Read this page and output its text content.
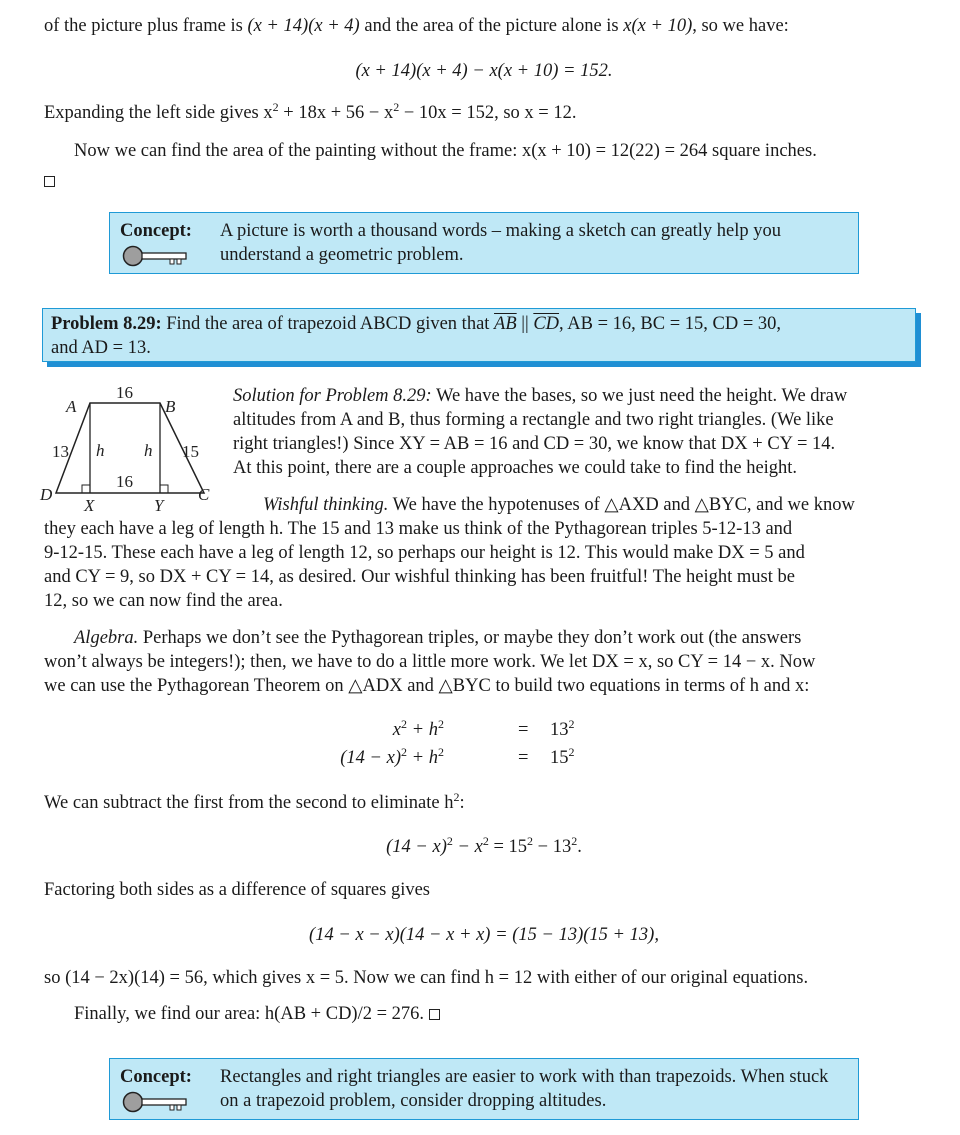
of the picture plus frame is (x + 14)(x + 4) and the area of the picture alone is x(x + 10), so we have:
(x + 14)(x + 4) − x(x + 10) = 152.
Expanding the left side gives $x^2 + 18x + 56 - x^2 - 10x = 152$, so x = 12.
Now we can find the area of the painting without the frame: x(x + 10) = 12(22) = 264 square inches.
Concept: A picture is worth a thousand words – making a sketch can greatly help you understand a geometric problem.
Problem 8.29: Find the area of trapezoid ABCD given that $\overline{AB}$ || $\overline{CD}$, AB = 16, BC = 15, CD = 30,
and AD = 13.
A	B
C
D
X	Y
16
16
13	15
h h
Solution for Problem 8.29: We have the bases, so we just need the height. We draw
altitudes from A and B, thus forming a rectangle and two right triangles. (We like
right triangles!) Since XY = AB = 16 and CD = 30, we know that DX + CY = 14.
At this point, there are a couple approaches we could take to find the height.
Wishful thinking. We have the hypotenuses of △AXD and △BYC, and we know
they each have a leg of length h. The 15 and 13 make us think of the Pythagorean triples 5-12-13 and
9-12-15. These each have a leg of length 12, so perhaps our height is 12. This would make DX = 5 and
and CY = 9, so DX + CY = 14, as desired. Our wishful thinking has been fruitful! The height must be
12, so we can now find the area.
Algebra. Perhaps we don’t see the Pythagorean triples, or maybe they don’t work out (the answers
won’t always be integers!); then, we have to do a little more work. We let DX = x, so CY = 14 − x. Now
we can use the Pythagorean Theorem on △ADX and △BYC to build two equations in terms of h and x:
$x^2 + h^2$	= $13^2$
$(14 - x)^2 + h^2$	= $15^2$
We can subtract the first from the second to eliminate $h^2$:
$(14 - x)^2 - x^2 = 15^2 - 13^2$.
Factoring both sides as a difference of squares gives
(14 − x − x)(14 − x + x) = (15 − 13)(15 + 13),
so (14 − 2x)(14) = 56, which gives x = 5. Now we can find h = 12 with either of our original equations.
Finally, we find our area: h(AB + CD)/2 = 276.
Concept: Rectangles and right triangles are easier to work with than trapezoids. When stuck on a trapezoid problem, consider dropping altitudes.
